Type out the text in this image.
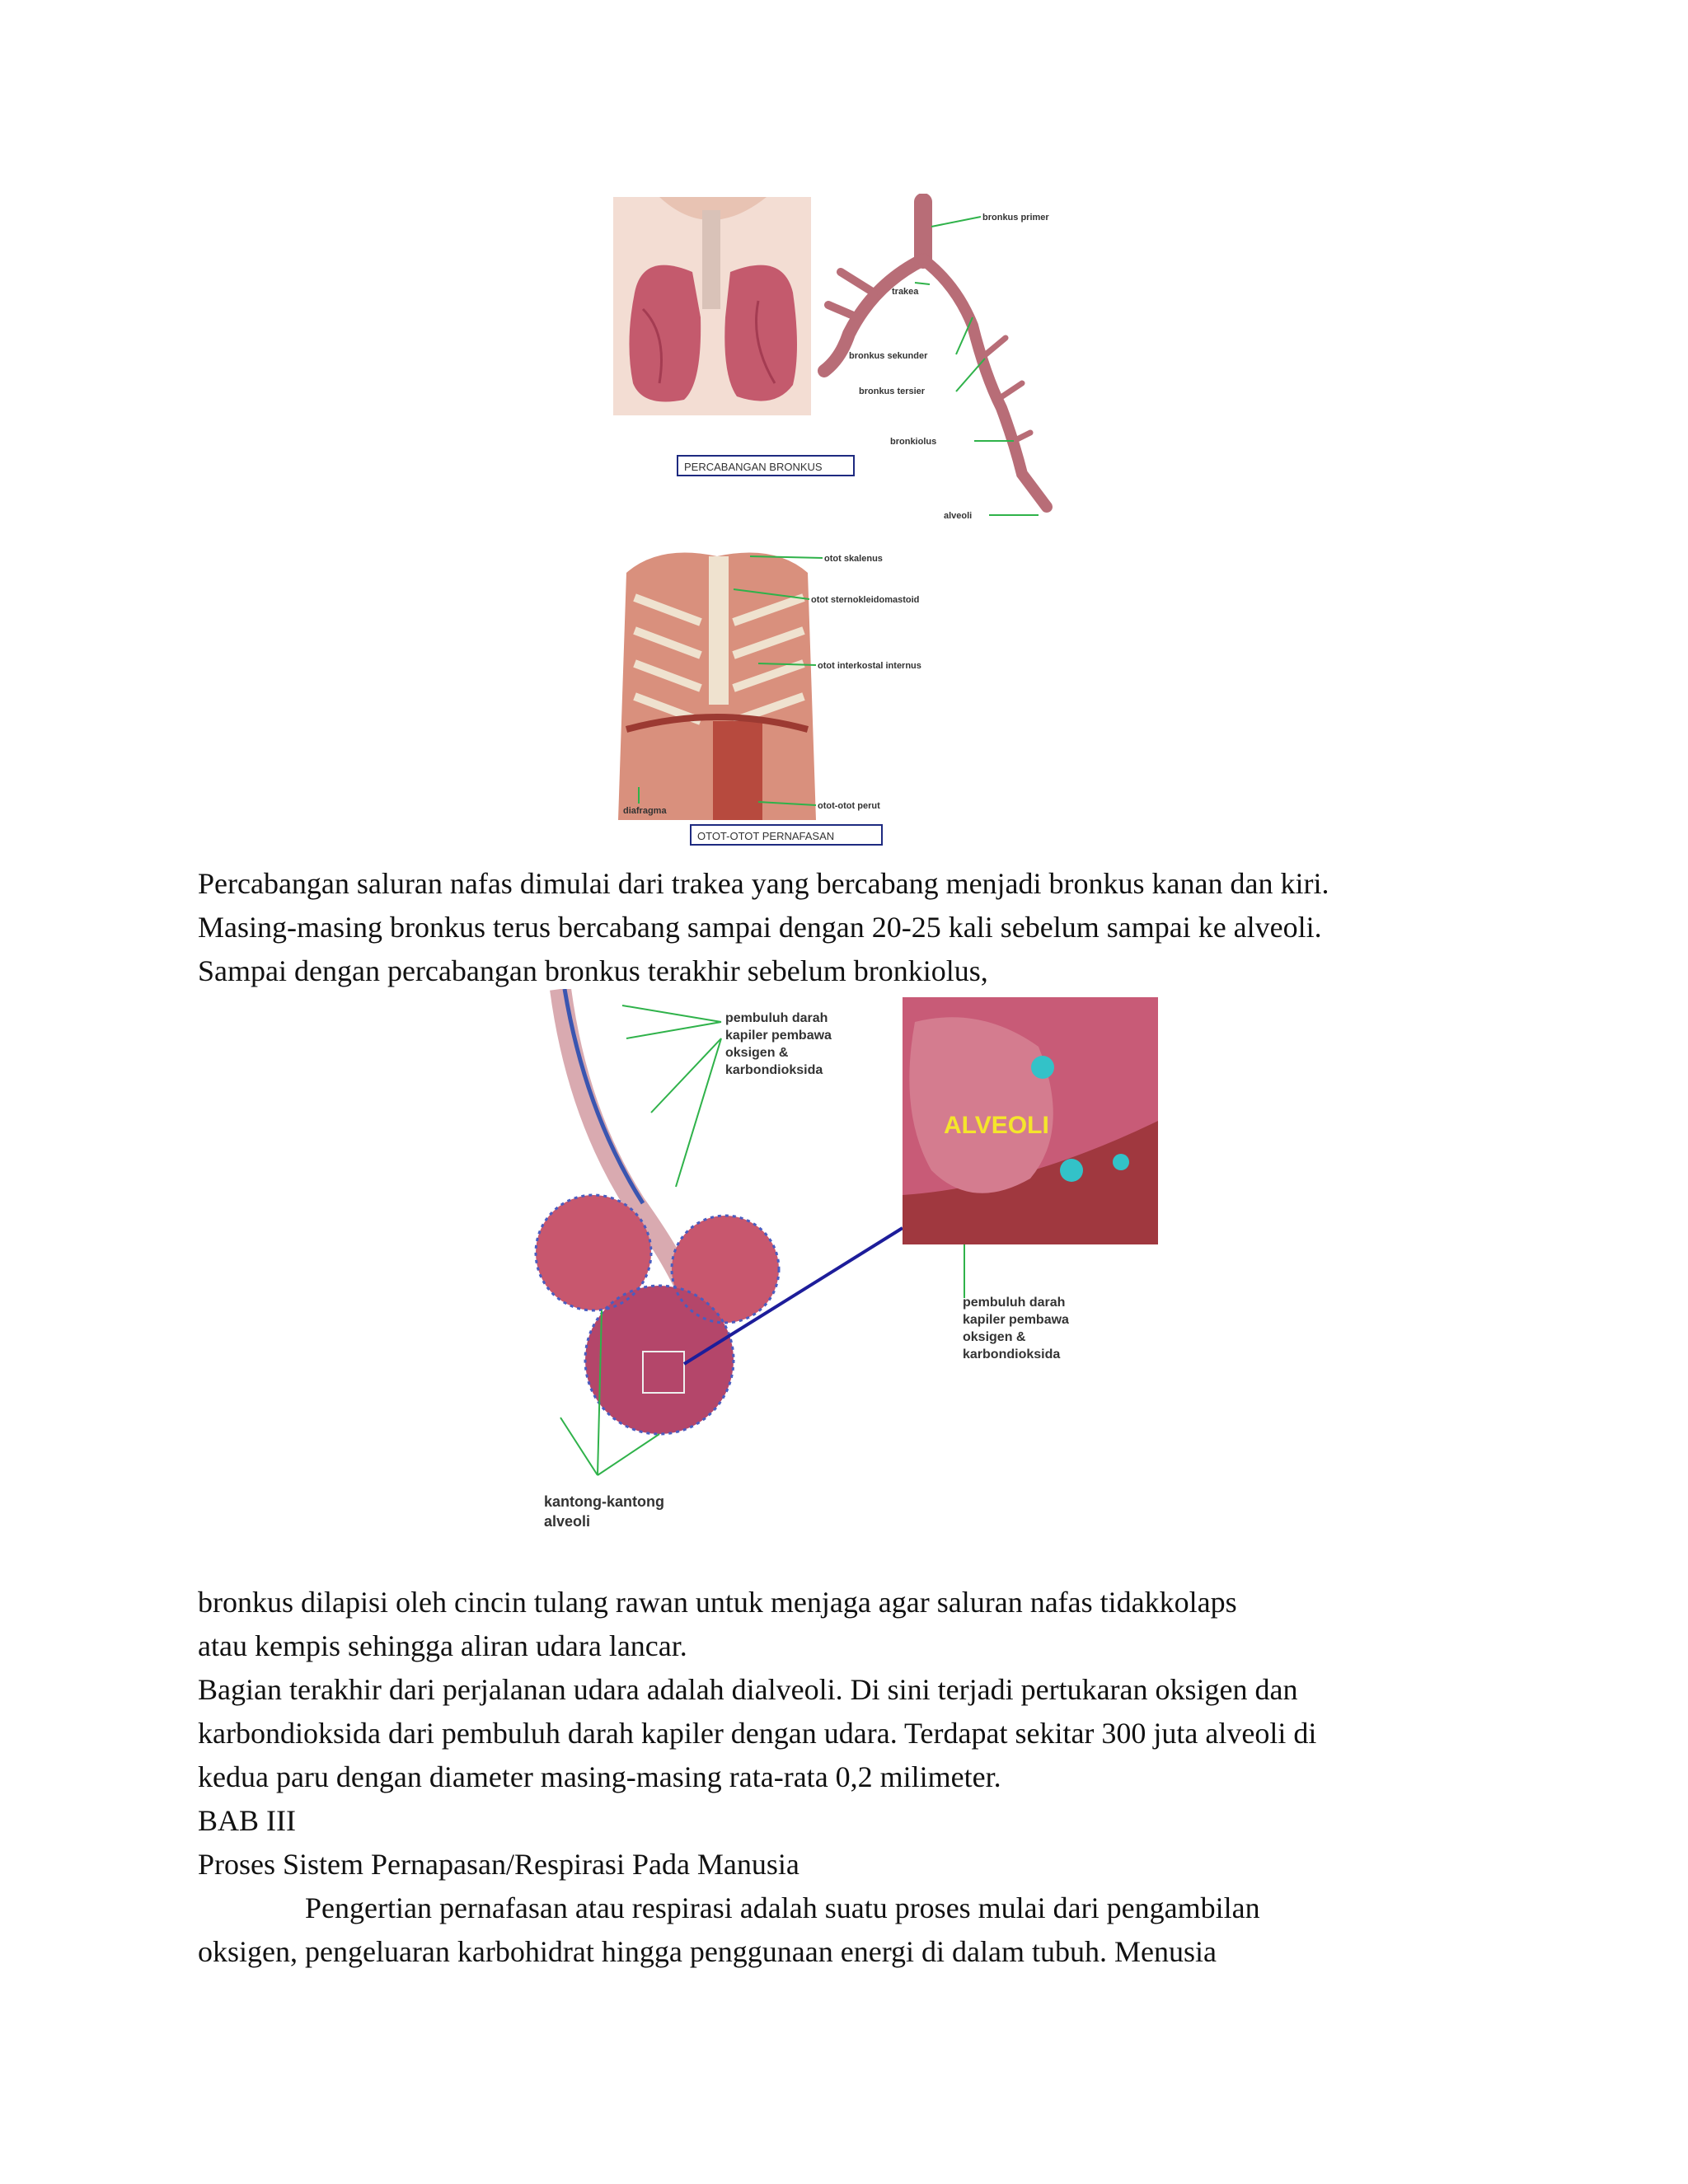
bronkus primer
trakea
bronkus sekunder
bronkus tersier
bronkiolus
alveoli
PERCABANGAN BRONKUS
otot skalenus
otot sternokleidomastoid
otot interkostal internus
diafragma	otot-otot perut
OTOT-OTOT PERNAFASAN

Percabangan saluran nafas dimulai dari trakea yang bercabang menjadi bronkus kanan dan kiri.

Masing-masing bronkus terus bercabang sampai dengan 20-25 kali sebelum sampai ke alveoli.

Sampai dengan percabangan bronkus terakhir sebelum bronkiolus,

ALVEOLI
pembuluh darah
kapiler pembawa
oksigen &
karbondioksida
pembuluh darah
kapiler pembawa
oksigen &
karbondioksida
kantong-kantong
alveoli

bronkus dilapisi oleh cincin tulang rawan untuk menjaga agar saluran nafas tidakkolaps

atau kempis sehingga aliran udara lancar.

Bagian terakhir dari perjalanan udara adalah dialveoli. Di sini terjadi pertukaran oksigen dan

karbondioksida dari pembuluh darah kapiler dengan udara. Terdapat sekitar 300 juta alveoli di

kedua paru dengan diameter masing-masing rata-rata 0,2 milimeter.

BAB III

Proses Sistem Pernapasan/Respirasi Pada Manusia

Pengertian pernafasan atau respirasi adalah suatu proses mulai dari pengambilan

oksigen, pengeluaran karbohidrat hingga penggunaan energi di dalam tubuh. Menusia
